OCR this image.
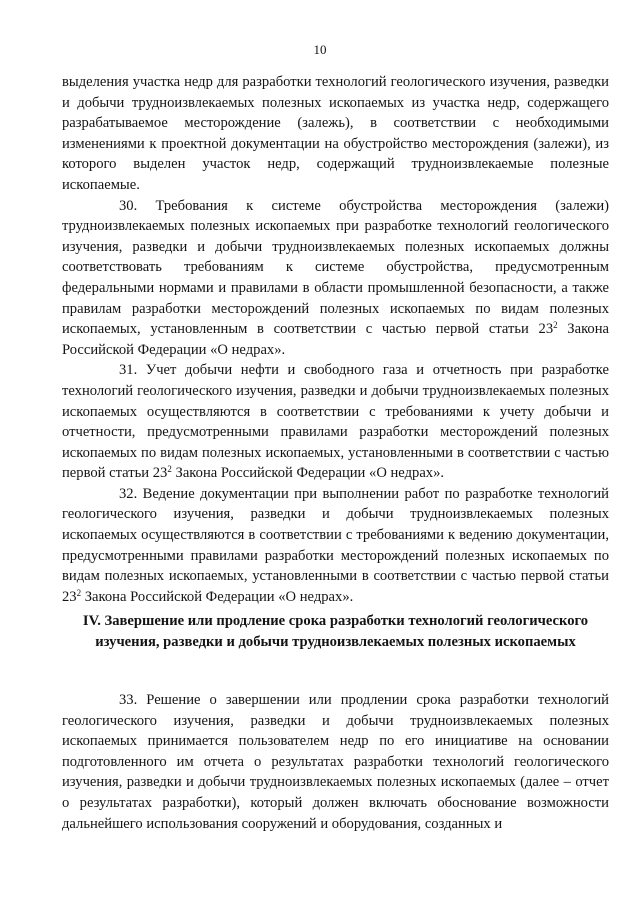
10

выделения участка недр для разработки технологий геологического изучения, разведки и добычи трудноизвлекаемых полезных ископаемых из участка недр, содержащего разрабатываемое месторождение (залежь), в соответствии с необходимыми изменениями к проектной документации на обустройство месторождения (залежи), из которого выделен участок недр, содержащий трудноизвлекаемые полезные ископаемые.

30. Требования к системе обустройства месторождения (залежи) трудноизвлекаемых полезных ископаемых при разработке технологий геологического изучения, разведки и добычи трудноизвлекаемых полезных ископаемых должны соответствовать требованиям к системе обустройства, предусмотренным федеральными нормами и правилами в области промышленной безопасности, а также правилам разработки месторождений полезных ископаемых по видам полезных ископаемых, установленным в соответствии с частью первой статьи $23^2$ Закона Российской Федерации «О недрах».

31. Учет добычи нефти и свободного газа и отчетность при разработке технологий геологического изучения, разведки и добычи трудноизвлекаемых полезных ископаемых осуществляются в соответствии с требованиями к учету добычи и отчетности, предусмотренными правилами разработки месторождений полезных ископаемых по видам полезных ископаемых, установленными в соответствии с частью первой статьи $23^2$ Закона Российской Федерации «О недрах».

32. Ведение документации при выполнении работ по разработке технологий геологического изучения, разведки и добычи трудноизвлекаемых полезных ископаемых осуществляются в соответствии с требованиями к ведению документации, предусмотренными правилами разработки месторождений полезных ископаемых по видам полезных ископаемых, установленными в соответствии с частью первой статьи $23^2$ Закона Российской Федерации «О недрах».

IV. Завершение или продление срока разработки технологий геологического изучения, разведки и добычи трудноизвлекаемых полезных ископаемых

33. Решение о завершении или продлении срока разработки технологий геологического изучения, разведки и добычи трудноизвлекаемых полезных ископаемых принимается пользователем недр по его инициативе на основании подготовленного им отчета о результатах разработки технологий геологического изучения, разведки и добычи трудноизвлекаемых полезных ископаемых (далее – отчет о результатах разработки), который должен включать обоснование возможности дальнейшего использования сооружений и оборудования, созданных и
